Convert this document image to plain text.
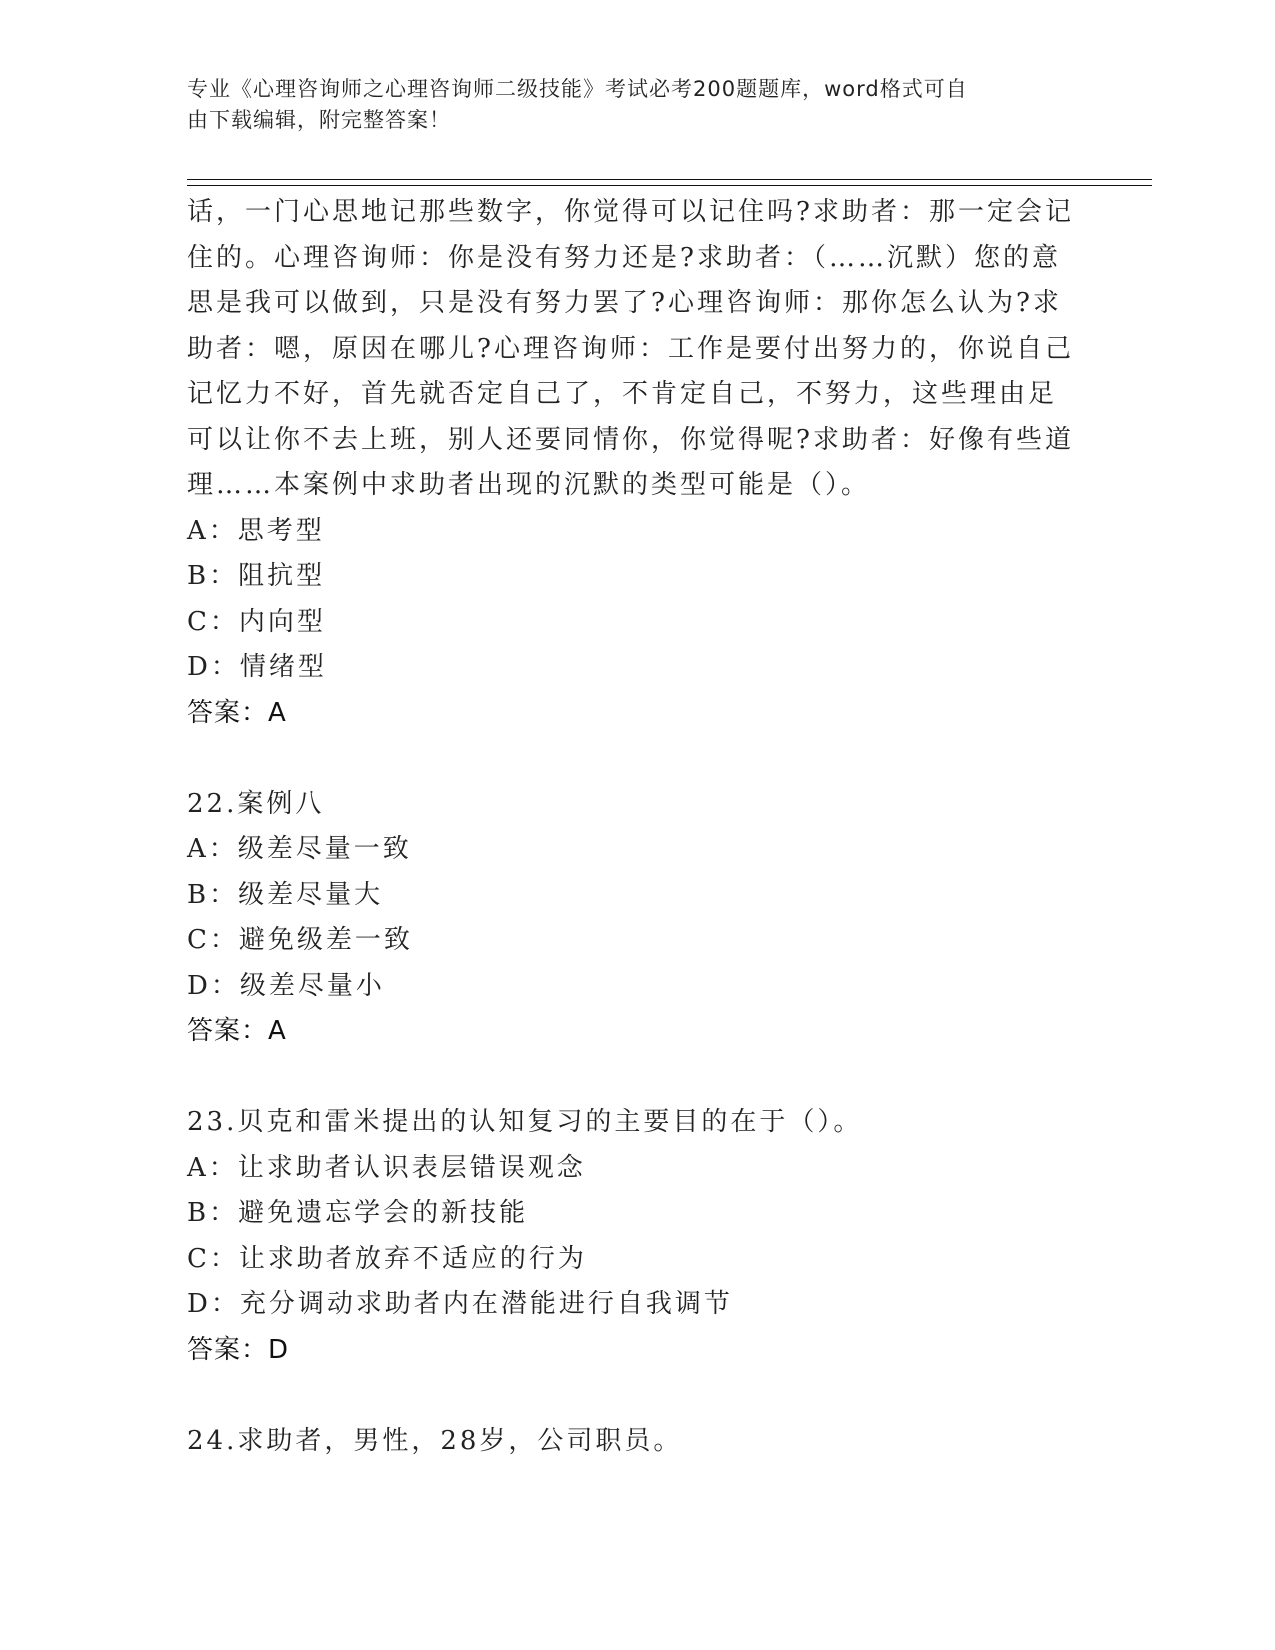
专业《心理咨询师之心理咨询师二级技能》考试必考200题题库，word格式可自
由下载编辑，附完整答案！
话，一门心思地记那些数字，你觉得可以记住吗?求助者：那一定会记
住的。心理咨询师：你是没有努力还是?求助者：（……沉默）您的意
思是我可以做到，只是没有努力罢了?心理咨询师：那你怎么认为?求
助者：嗯，原因在哪儿?心理咨询师：工作是要付出努力的，你说自己
记忆力不好，首先就否定自己了，不肯定自己，不努力，这些理由足
可以让你不去上班，别人还要同情你，你觉得呢?求助者：好像有些道
理……本案例中求助者出现的沉默的类型可能是（）。
A：思考型
B：阻抗型
C：内向型
D：情绪型
答案：A
22.案例八
A：级差尽量一致
B：级差尽量大
C：避免级差一致
D：级差尽量小
答案：A
23.贝克和雷米提出的认知复习的主要目的在于（）。
A：让求助者认识表层错误观念
B：避免遗忘学会的新技能
C：让求助者放弃不适应的行为
D：充分调动求助者内在潜能进行自我调节
答案：D
24.求助者，男性，28岁，公司职员。
